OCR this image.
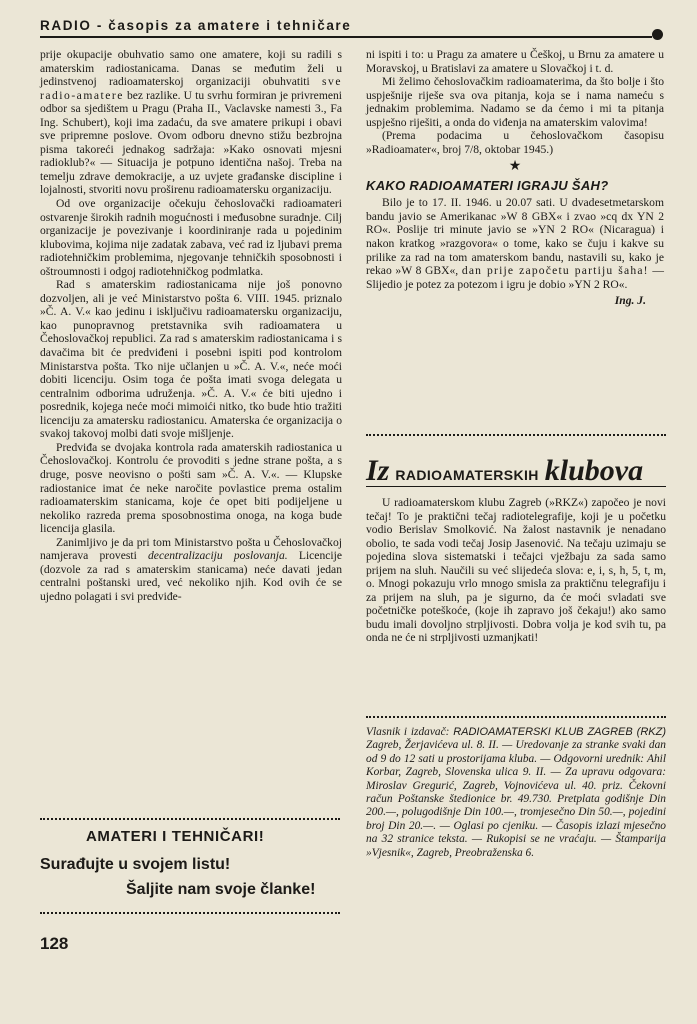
RADIO - časopis za amatere i tehničare

prije okupacije obuhvatio samo one amatere, koji su radili s amaterskim radiostanicama. Danas se međutim želi u jedinstvenoj radioamaterskoj organizaciji obuhvatiti sve radio-amatere bez razlike. U tu svrhu formiran je privremeni odbor sa sjedištem u Pragu (Praha II., Vaclavske namesti 3., Fa Ing. Schubert), koji ima zadaću, da sve amatere prikupi i obavi sve pripremne poslove. Ovom odboru dnevno stižu bezbrojna pisma takoreći jednakog sadržaja: »Kako osnovati mjesni radioklub?« — Situacija je potpuno identična našoj. Treba na temelju zdrave demokracije, a uz uvjete građanske discipline i lojalnosti, stvoriti novu proširenu radioamatersku organizaciju.

Od ove organizacije očekuju čehoslovački radioamateri ostvarenje širokih radnih mogućnosti i međusobne suradnje. Cilj organizacije je povezivanje i koordiniranje rada u pojedinim klubovima, kojima nije zadatak zabava, već rad iz ljubavi prema radiotehničkim problemima, njegovanje tehničkih sposobnosti i oštroumnosti i odgoj radiotehničkog podmlatka.

Rad s amaterskim radiostanicama nije još ponovno dozvoljen, ali je već Ministarstvo pošta 6. VIII. 1945. priznalo »Č. A. V.« kao jedinu i isključivu radioamatersku organizaciju, kao punopravnog pretstavnika svih radioamatera u Čehoslovačkoj republici. Za rad s amaterskim radiostanicama i s davačima bit će predviđeni i posebni ispiti pod kontrolom Ministarstva pošta. Tko nije učlanjen u »Č. A. V.«, neće moći dobiti licenciju. Osim toga će pošta imati svoga delegata u centralnim odborima udruženja. »Č. A. V.« će biti ujedno i posrednik, kojega neće moći mimoići nitko, tko bude htio tražiti licenciju za amatersku radiostanicu. Amaterska će organizacija o svakoj takovoj molbi dati svoje mišljenje.

Predviđa se dvojaka kontrola rada amaterskih radiostanica u Čehoslovačkoj. Kontrolu će provoditi s jedne strane pošta, a s druge, posve neovisno o pošti sam »Č. A. V.«. — Klupske radiostanice imat će neke naročite povlastice prema ostalim radioamaterskim stanicama, koje će opet biti podijeljene u nekoliko razreda prema sposobnostima onoga, na koga bude licencija glasila.

Zanimljivo je da pri tom Ministarstvo pošta u Čehoslovačkoj namjerava provesti decentralizaciju poslovanja. Licencije (dozvole za rad s amaterskim stanicama) neće davati jedan centralni poštanski ured, već nekoliko njih. Kod ovih će se ujedno polagati i svi predviđe-

AMATERI I TEHNIČARI!
Surađujte u svojem listu!
Šaljite nam svoje članke!
128

ni ispiti i to: u Pragu za amatere u Češkoj, u Brnu za amatere u Moravskoj, u Bratislavi za amatere u Slovačkoj i t. d.

Mi želimo čehoslovačkim radioamaterima, da što bolje i što uspješnije riješe sva ova pitanja, koja se i nama nameću s jednakim problemima. Nadamo se da ćemo i mi ta pitanja uspješno riješiti, a onda do viđenja na amaterskim valovima!

(Prema podacima u čehoslovačkom časopisu »Radioamater«, broj 7/8, oktobar 1945.)

★
KAKO RADIOAMATERI IGRAJU ŠAH?

Bilo je to 17. II. 1946. u 20.07 sati. U dvadesetmetarskom bandu javio se Amerikanac »W 8 GBX« i zvao »cq dx YN 2 RO«. Poslije tri minute javio se »YN 2 RO« (Nicaragua) i nakon kratkog »razgovora« o tome, kako se čuju i kakve su prilike za rad na tom amaterskom bandu, nastavili su, kako je rekao »W 8 GBX«, dan prije započetu partiju šaha! — Slijedio je potez za potezom i igru je dobio »YN 2 RO«.

Ing. J.
Iz RADIOAMATERSKIH klubova

U radioamaterskom klubu Zagreb (»RKZ«) započeo je novi tečaj! To je praktični tečaj radiotelegrafije, koji je u početku vodio Berislav Smolković. Na žalost nastavnik je nenadano obolio, te sada vodi tečaj Josip Jasenović. Na tečaju uzimaju se pojedina slova sistematski i tečajci vježbaju za sada samo prijem na sluh. Naučili su već slijedeća slova: e, i, s, h, 5, t, m, o. Mnogi pokazuju vrlo mnogo smisla za praktičnu telegrafiju i za prijem na sluh, pa je sigurno, da će moći svladati sve početničke poteškoće, (koje ih zapravo još čekaju!) ako samo budu imali dovoljno strpljivosti. Dobra volja je kod svih tu, pa onda ne će ni strpljivosti uzmanjkati!

Vlasnik i izdavač: RADIOAMATERSKI KLUB ZAGREB (RKZ) Zagreb, Žerjavićeva ul. 8. II. — Uredovanje za stranke svaki dan od 9 do 12 sati u prostorijama kluba. — Odgovorni urednik: Ahil Korbar, Zagreb, Slovenska ulica 9. II. — Za upravu odgovara: Miroslav Gregurić, Zagreb, Vojnovićeva ul. 40. priz. Čekovni račun Poštanske štedionice br. 49.730. Pretplata godišnje Din 200.—, polugodišnje Din 100.—, tromjesečno Din 50.—, pojedini broj Din 20.—. — Oglasi po cjeniku. — Časopis izlazi mjesečno na 32 stranice teksta. — Rukopisi se ne vraćaju. — Štamparija »Vjesnik«, Zagreb, Preobraženska 6.
